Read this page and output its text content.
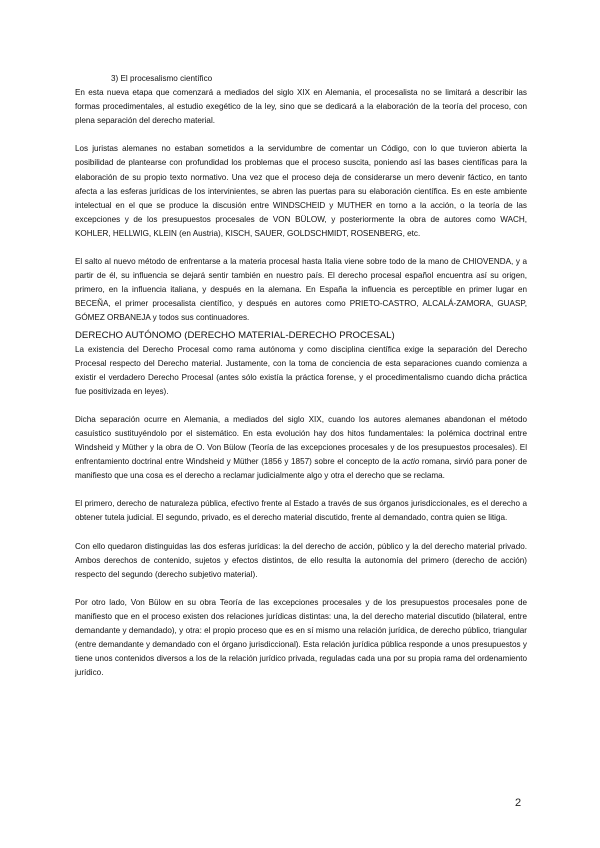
3) El procesalismo científico

En esta nueva etapa que comenzará a mediados del siglo XIX en Alemania, el procesalista no se limitará a describir las formas procedimentales, al estudio exegético de la ley, sino que se dedicará a la elaboración de la teoría del proceso, con plena separación del derecho material.

Los juristas alemanes no estaban sometidos a la servidumbre de comentar un Código, con lo que tuvieron abierta la posibilidad de plantearse con profundidad los problemas que el proceso suscita, poniendo así las bases científicas para la elaboración de su propio texto normativo. Una vez que el proceso deja de considerarse un mero devenir fáctico, en tanto afecta a las esferas jurídicas de los intervinientes, se abren las puertas para su elaboración científica. Es en este ambiente intelectual en el que se produce la discusión entre WINDSCHEID y MUTHER en torno a la acción, o la teoría de las excepciones y de los presupuestos procesales de VON BÜLOW, y posteriormente la obra de autores como WACH, KOHLER, HELLWIG, KLEIN (en Austria), KISCH, SAUER, GOLDSCHMIDT, ROSENBERG, etc.

El salto al nuevo método de enfrentarse a la materia procesal hasta Italia viene sobre todo de la mano de CHIOVENDA, y a partir de él, su influencia se dejará sentir también en nuestro país. El derecho procesal español encuentra así su origen, primero, en la influencia italiana, y después en la alemana. En España la influencia es perceptible en primer lugar en BECEÑA, el primer procesalista científico, y después en autores como PRIETO-CASTRO, ALCALÁ-ZAMORA, GUASP, GÓMEZ ORBANEJA y todos sus continuadores.

DERECHO AUTÓNOMO (DERECHO MATERIAL-DERECHO PROCESAL)

La existencia del Derecho Procesal como rama autónoma y como disciplina científica exige la separación del Derecho Procesal respecto del Derecho material. Justamente, con la toma de conciencia de esta separaciones cuando comienza a existir el verdadero Derecho Procesal (antes sólo existía la práctica forense, y el procedimentalismo cuando dicha práctica fue positivizada en leyes).

Dicha separación ocurre en Alemania, a mediados del siglo XIX, cuando los autores alemanes abandonan el método casuístico sustituyéndolo por el sistemático. En esta evolución hay dos hitos fundamentales: la polémica doctrinal entre Windsheid y Müther y la obra de O. Von Bülow (Teoría de las excepciones procesales y de los presupuestos procesales). El enfrentamiento doctrinal entre Windsheid y Müther (1856 y 1857) sobre el concepto de la actio romana, sirvió para poner de manifiesto que una cosa es el derecho a reclamar judicialmente algo y otra el derecho que se reclama.

El primero, derecho de naturaleza pública, efectivo frente al Estado a través de sus órganos jurisdiccionales, es el derecho a obtener tutela judicial. El segundo, privado, es el derecho material discutido, frente al demandado, contra quien se litiga.

Con ello quedaron distinguidas las dos esferas jurídicas: la del derecho de acción, público y la del derecho material privado. Ambos derechos de contenido, sujetos y efectos distintos, de ello resulta la autonomía del primero (derecho de acción) respecto del segundo (derecho subjetivo material).

Por otro lado, Von Bülow en su obra Teoría de las excepciones procesales y de los presupuestos procesales pone de manifiesto que en el proceso existen dos relaciones jurídicas distintas: una, la del derecho material discutido (bilateral, entre demandante y demandado), y otra: el propio proceso que es en sí mismo una relación jurídica, de derecho público, triangular (entre demandante y demandado con el órgano jurisdiccional). Esta relación jurídica pública responde a unos presupuestos y tiene unos contenidos diversos a los de la relación jurídico privada, reguladas cada una por su propia rama del ordenamiento jurídico.

2
